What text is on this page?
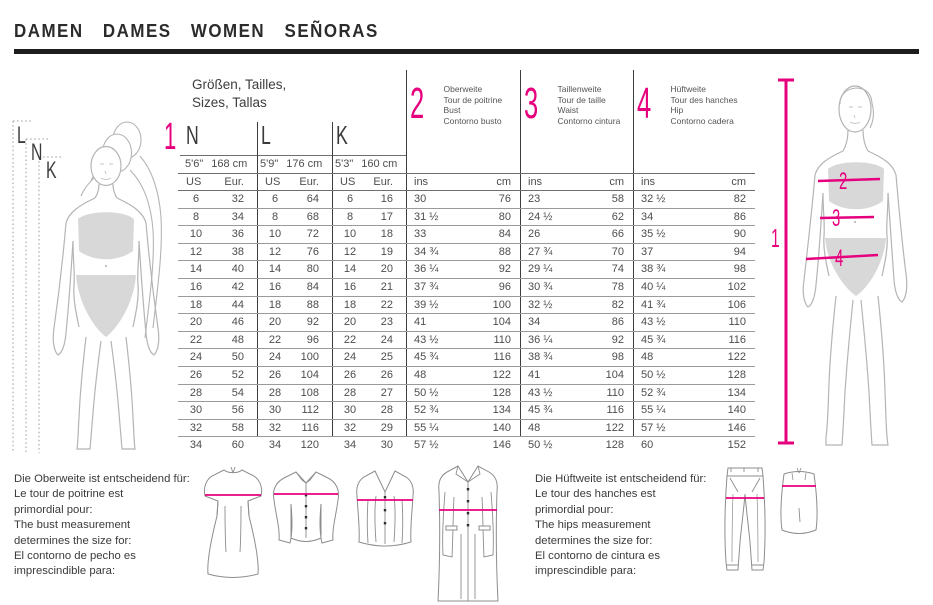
DAMEN DAMES WOMEN SEÑORAS
L
N
K
Größen, Tailles,
Sizes, Tallas
1 N L	K
5'6" 168 cm 5'9" 176 cm 5'3" 160 cm
2 Oberweite
Tour de poitrine
Bust
Contorno busto 3 Taillenweite
Tour de taille
Waist
Contorno cintura 4 Hüftweite
Tour des hanches
Hip
Contorno cadera
US	Eur.	US	Eur.	US	Eur.	ins	cm	ins	cm	ins	cm
6	32	6	64	6	16	30	76	23	58	32 ½	82
8	34	8	68	8	17	31 ½	80	24 ½	62	34	86
10	36	10	72	10	18	33	84	26	66	35 ½	90
12	38	12	76	12	19	34 ¾	88	27 ¾	70	37	94
14	40	14	80	14	20	36 ¼	92	29 ¼	74	38 ¾	98
16	42	16	84	16	21	37 ¾	96	30 ¾	78	40 ¼	102
18	44	18	88	18	22	39 ½	100	32 ½	82	41 ¾	106
20	46	20	92	20	23	41	104	34	86	43 ½	110
22	48	22	96	22	24	43 ½	110	36 ¼	92	45 ¾	116
24	50	24	100	24	25	45 ¾	116	38 ¾	98	48	122
26	52	26	104	26	26	48	122	41	104	50 ½	128
28	54	28	108	28	27	50 ½	128	43 ½	110	52 ¾	134
30	56	30	112	30	28	52 ¾	134	45 ¾	116	55 ¼	140
32	58	32	116	32	29	55 ¼	140	48	122	57 ½	146
34	60	34	120	34	30	57 ½	146	50 ½	128	60	152
1
2
3
4
Die Oberweite ist entscheidend für:
Le tour de poitrine est
primordial pour:
The bust measurement
determines the size for:
El contorno de pecho es
imprescindible para:
Die Hüftweite ist entscheidend für:
Le tour des hanches est
primordial pour:
The hips measurement
determines the size for:
El contorno de cintura es
imprescindible para:
